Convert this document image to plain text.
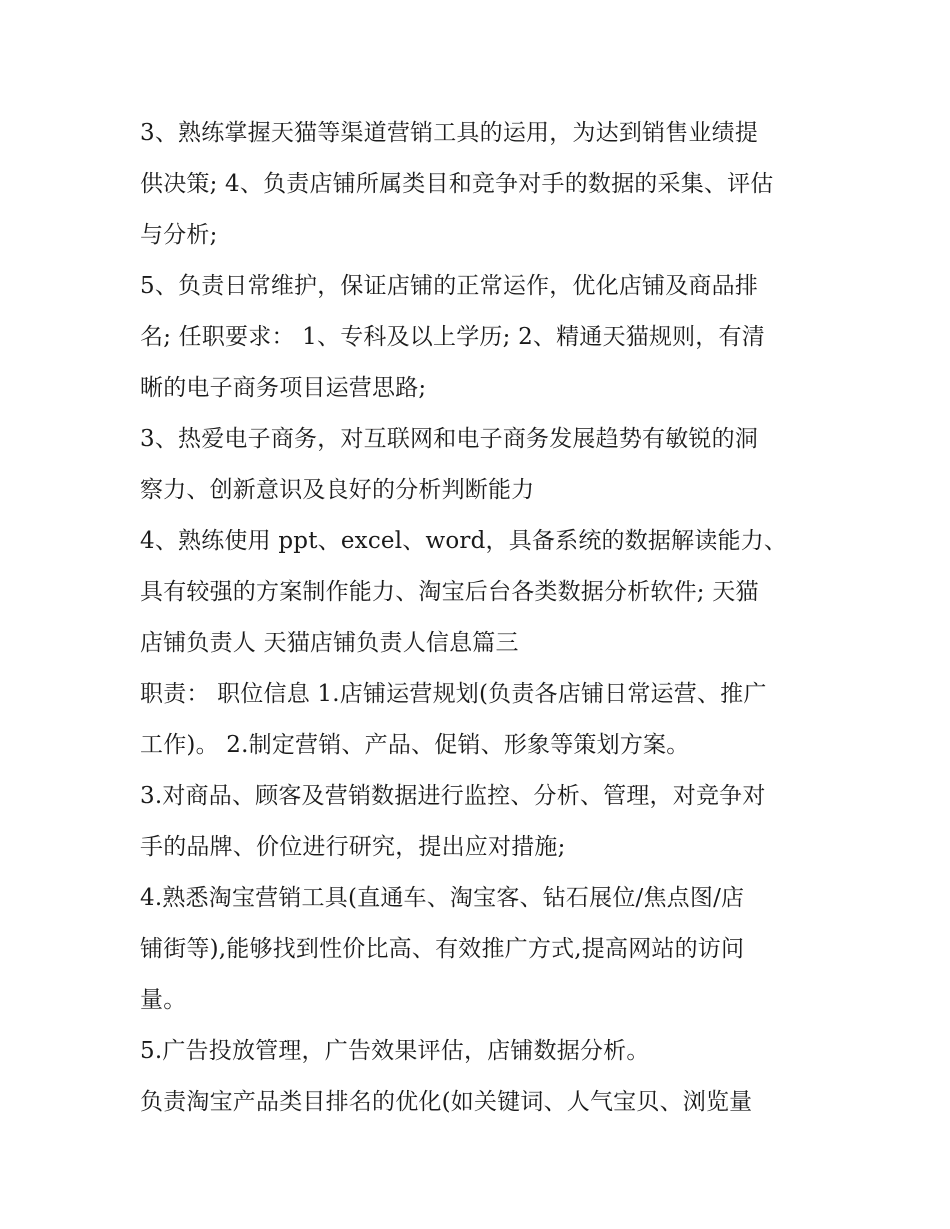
3、熟练掌握天猫等渠道营销工具的运用，为达到销售业绩提
供决策; 4、负责店铺所属类目和竞争对手的数据的采集、评估
与分析;
5、负责日常维护，保证店铺的正常运作，优化店铺及商品排
名; 任职要求： 1、专科及以上学历; 2、精通天猫规则，有清
晰的电子商务项目运营思路;
3、热爱电子商务，对互联网和电子商务发展趋势有敏锐的洞
察力、创新意识及良好的分析判断能力
4、熟练使用 ppt、excel、word，具备系统的数据解读能力、
具有较强的方案制作能力、淘宝后台各类数据分析软件; 天猫
店铺负责人 天猫店铺负责人信息篇三
职责： 职位信息 1.店铺运营规划(负责各店铺日常运营、推广
工作)。 2.制定营销、产品、促销、形象等策划方案。
3.对商品、顾客及营销数据进行监控、分析、管理，对竞争对
手的品牌、价位进行研究，提出应对措施;
4.熟悉淘宝营销工具(直通车、淘宝客、钻石展位/焦点图/店
铺街等),能够找到性价比高、有效推广方式,提高网站的访问
量。
5.广告投放管理，广告效果评估，店铺数据分析。
负责淘宝产品类目排名的优化(如关键词、人气宝贝、浏览量
